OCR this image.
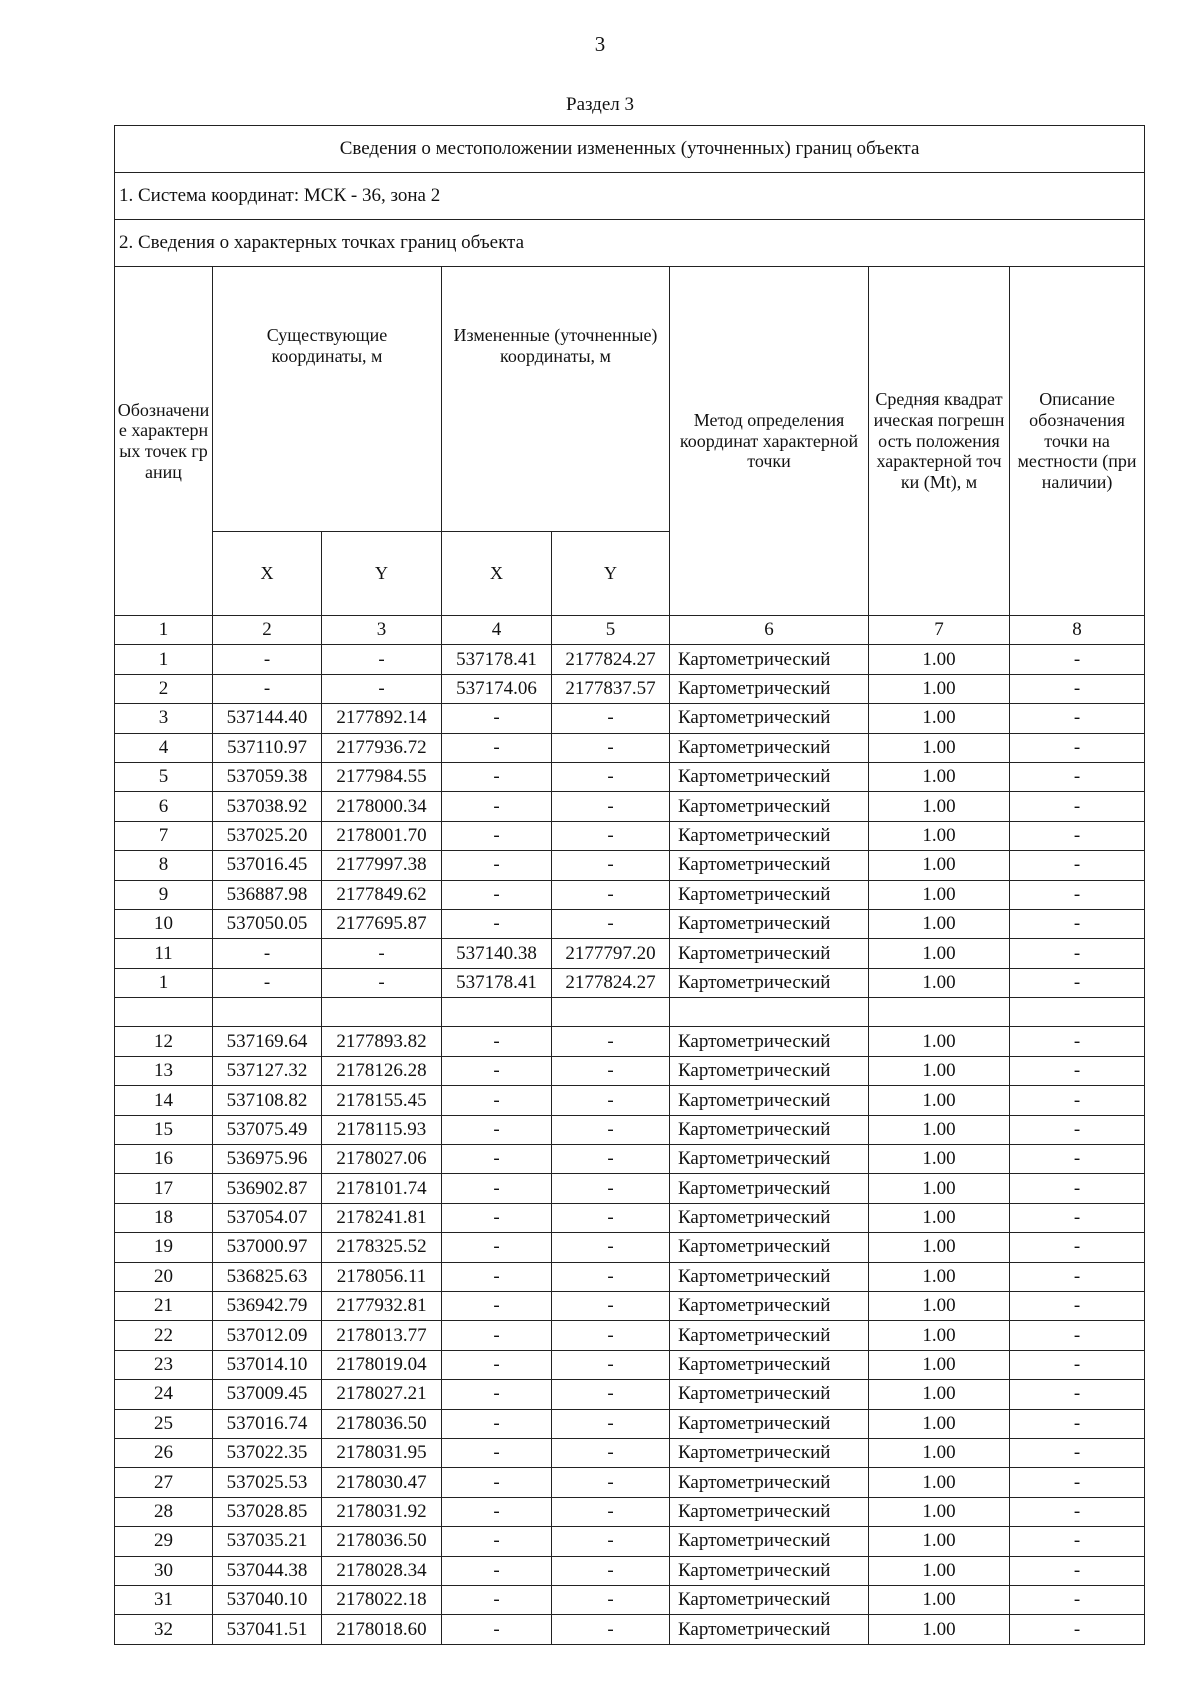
3
Раздел 3
Сведения о местоположении измененных (уточненных) границ объекта							
1. Система координат: МСК - 36, зона 2							
2. Сведения о характерных точках границ объекта							
Обозначение характерных точек границ	Существующие координаты, м		Измененные (уточненные) координаты, м		Метод определения координат характерной точки	Средняя квадратическая погрешность положения характерной точки (Mt), м	Описание обозначения точки на местности (при наличии)
	X	Y	X	Y			
1	2	3	4	5	6	7	8
1	-	-	537178.41	2177824.27	Картометрический	1.00	-
2	-	-	537174.06	2177837.57	Картометрический	1.00	-
3	537144.40	2177892.14	-	-	Картометрический	1.00	-
4	537110.97	2177936.72	-	-	Картометрический	1.00	-
5	537059.38	2177984.55	-	-	Картометрический	1.00	-
6	537038.92	2178000.34	-	-	Картометрический	1.00	-
7	537025.20	2178001.70	-	-	Картометрический	1.00	-
8	537016.45	2177997.38	-	-	Картометрический	1.00	-
9	536887.98	2177849.62	-	-	Картометрический	1.00	-
10	537050.05	2177695.87	-	-	Картометрический	1.00	-
11	-	-	537140.38	2177797.20	Картометрический	1.00	-
1	-	-	537178.41	2177824.27	Картометрический	1.00	-

12	537169.64	2177893.82	-	-	Картометрический	1.00	-
13	537127.32	2178126.28	-	-	Картометрический	1.00	-
14	537108.82	2178155.45	-	-	Картометрический	1.00	-
15	537075.49	2178115.93	-	-	Картометрический	1.00	-
16	536975.96	2178027.06	-	-	Картометрический	1.00	-
17	536902.87	2178101.74	-	-	Картометрический	1.00	-
18	537054.07	2178241.81	-	-	Картометрический	1.00	-
19	537000.97	2178325.52	-	-	Картометрический	1.00	-
20	536825.63	2178056.11	-	-	Картометрический	1.00	-
21	536942.79	2177932.81	-	-	Картометрический	1.00	-
22	537012.09	2178013.77	-	-	Картометрический	1.00	-
23	537014.10	2178019.04	-	-	Картометрический	1.00	-
24	537009.45	2178027.21	-	-	Картометрический	1.00	-
25	537016.74	2178036.50	-	-	Картометрический	1.00	-
26	537022.35	2178031.95	-	-	Картометрический	1.00	-
27	537025.53	2178030.47	-	-	Картометрический	1.00	-
28	537028.85	2178031.92	-	-	Картометрический	1.00	-
29	537035.21	2178036.50	-	-	Картометрический	1.00	-
30	537044.38	2178028.34	-	-	Картометрический	1.00	-
31	537040.10	2178022.18	-	-	Картометрический	1.00	-
32	537041.51	2178018.60	-	-	Картометрический	1.00	-
